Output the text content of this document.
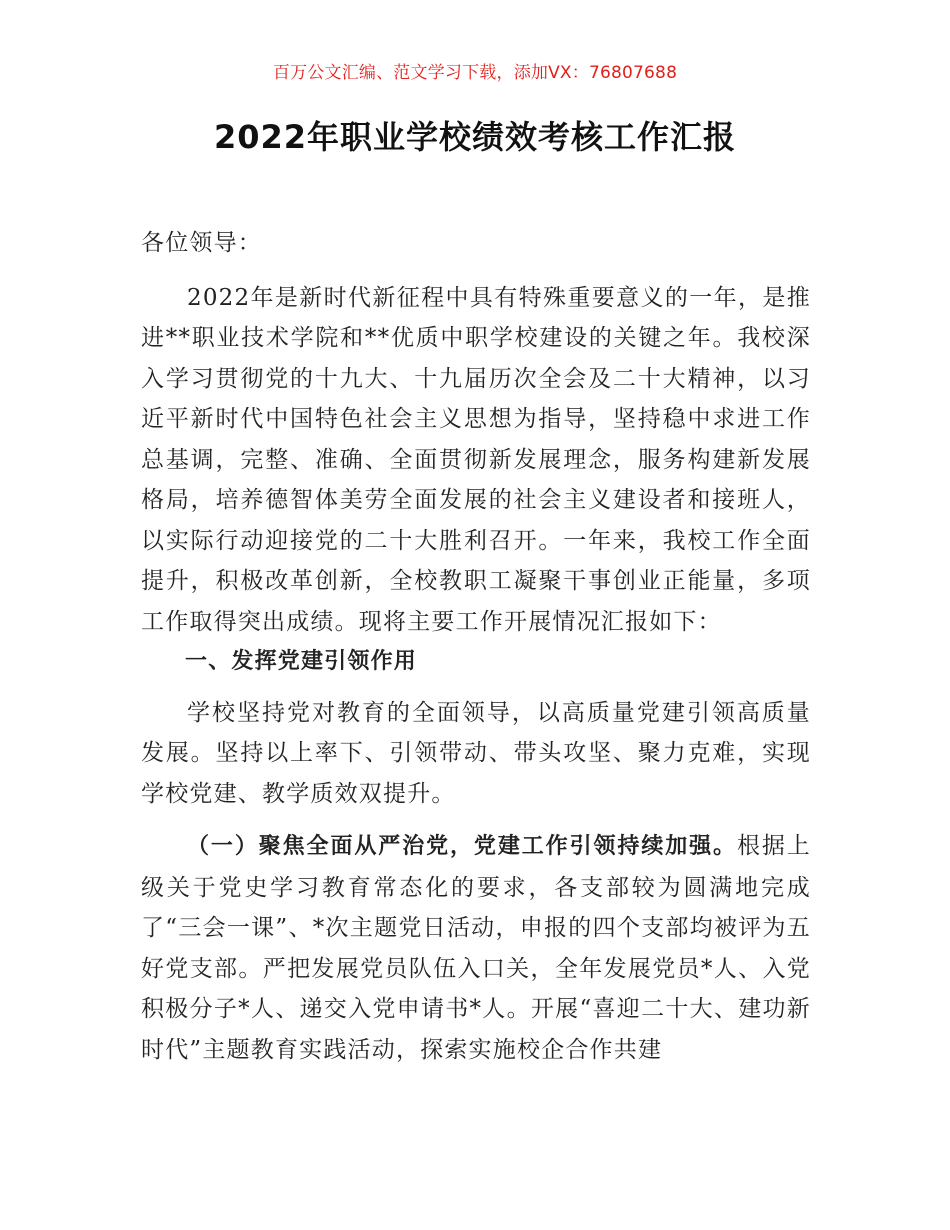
百万公文汇编、范文学习下载，添加VX：76807688
2022年职业学校绩效考核工作汇报

各位领导：

2022年是新时代新征程中具有特殊重要意义的一年，是推进**职业技术学院和**优质中职学校建设的关键之年。我校深入学习贯彻党的十九大、十九届历次全会及二十大精神，以习近平新时代中国特色社会主义思想为指导，坚持稳中求进工作总基调，完整、准确、全面贯彻新发展理念，服务构建新发展格局，培养德智体美劳全面发展的社会主义建设者和接班人，以实际行动迎接党的二十大胜利召开。一年来，我校工作全面提升，积极改革创新，全校教职工凝聚干事创业正能量，多项工作取得突出成绩。现将主要工作开展情况汇报如下：

一、发挥党建引领作用

学校坚持党对教育的全面领导，以高质量党建引领高质量发展。坚持以上率下、引领带动、带头攻坚、聚力克难，实现学校党建、教学质效双提升。

（一）聚焦全面从严治党，党建工作引领持续加强。根据上级关于党史学习教育常态化的要求，各支部较为圆满地完成了“三会一课”、*次主题党日活动，申报的四个支部均被评为五好党支部。严把发展党员队伍入口关，全年发展党员*人、入党积极分子*人、递交入党申请书*人。开展“喜迎二十大、建功新时代”主题教育实践活动，探索实施校企合作共建
